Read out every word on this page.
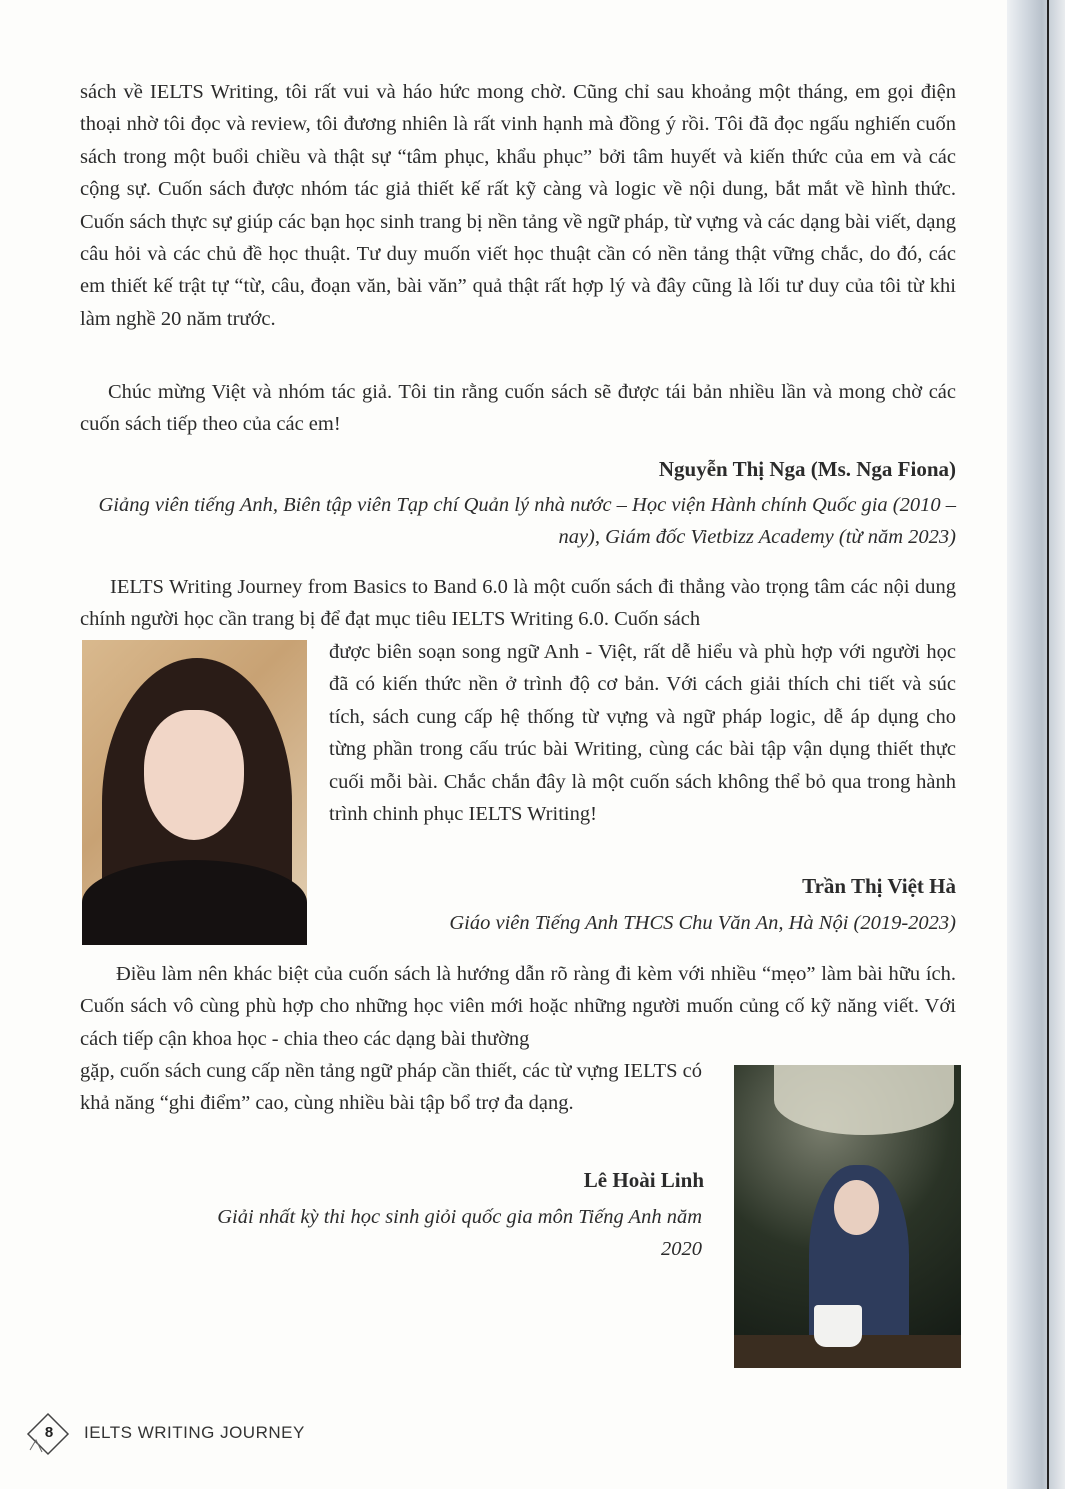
sách về IELTS Writing, tôi rất vui và háo hức mong chờ. Cũng chỉ sau khoảng một tháng, em gọi điện thoại nhờ tôi đọc và review, tôi đương nhiên là rất vinh hạnh mà đồng ý rồi. Tôi đã đọc ngấu nghiến cuốn sách trong một buổi chiều và thật sự “tâm phục, khẩu phục” bởi tâm huyết và kiến thức của em và các cộng sự. Cuốn sách được nhóm tác giả thiết kế rất kỹ càng và logic về nội dung, bắt mắt về hình thức. Cuốn sách thực sự giúp các bạn học sinh trang bị nền tảng về ngữ pháp, từ vựng và các dạng bài viết, dạng câu hỏi và các chủ đề học thuật. Tư duy muốn viết học thuật cần có nền tảng thật vững chắc, do đó, các em thiết kế trật tự “từ, câu, đoạn văn, bài văn” quả thật rất hợp lý và đây cũng là lối tư duy của tôi từ khi làm nghề 20 năm trước.

Chúc mừng Việt và nhóm tác giả. Tôi tin rằng cuốn sách sẽ được tái bản nhiều lần và mong chờ các cuốn sách tiếp theo của các em!

Nguyễn Thị Nga (Ms. Nga Fiona)
Giảng viên tiếng Anh, Biên tập viên Tạp chí Quản lý nhà nước – Học viện Hành chính Quốc gia (2010 – nay), Giám đốc Vietbizz Academy (từ năm 2023)

IELTS Writing Journey from Basics to Band 6.0 là một cuốn sách đi thẳng vào trọng tâm các nội dung chính người học cần trang bị để đạt mục tiêu IELTS Writing 6.0. Cuốn sách

được biên soạn song ngữ Anh - Việt, rất dễ hiểu và phù hợp với người học đã có kiến thức nền ở trình độ cơ bản. Với cách giải thích chi tiết và súc tích, sách cung cấp hệ thống từ vựng và ngữ pháp logic, dễ áp dụng cho từng phần trong cấu trúc bài Writing, cùng các bài tập vận dụng thiết thực cuối mỗi bài. Chắc chắn đây là một cuốn sách không thể bỏ qua trong hành trình chinh phục IELTS Writing!

Trần Thị Việt Hà
Giáo viên Tiếng Anh THCS Chu Văn An, Hà Nội (2019-2023)

Điều làm nên khác biệt của cuốn sách là hướng dẫn rõ ràng đi kèm với nhiều “mẹo” làm bài hữu ích. Cuốn sách vô cùng phù hợp cho những học viên mới hoặc những người muốn củng cố kỹ năng viết. Với cách tiếp cận khoa học - chia theo các dạng bài thường

gặp, cuốn sách cung cấp nền tảng ngữ pháp cần thiết, các từ vựng IELTS có khả năng “ghi điểm” cao, cùng nhiều bài tập bổ trợ đa dạng.

Lê Hoài Linh
Giải nhất kỳ thi học sinh giỏi quốc gia môn Tiếng Anh năm 2020
8	IELTS WRITING JOURNEY
